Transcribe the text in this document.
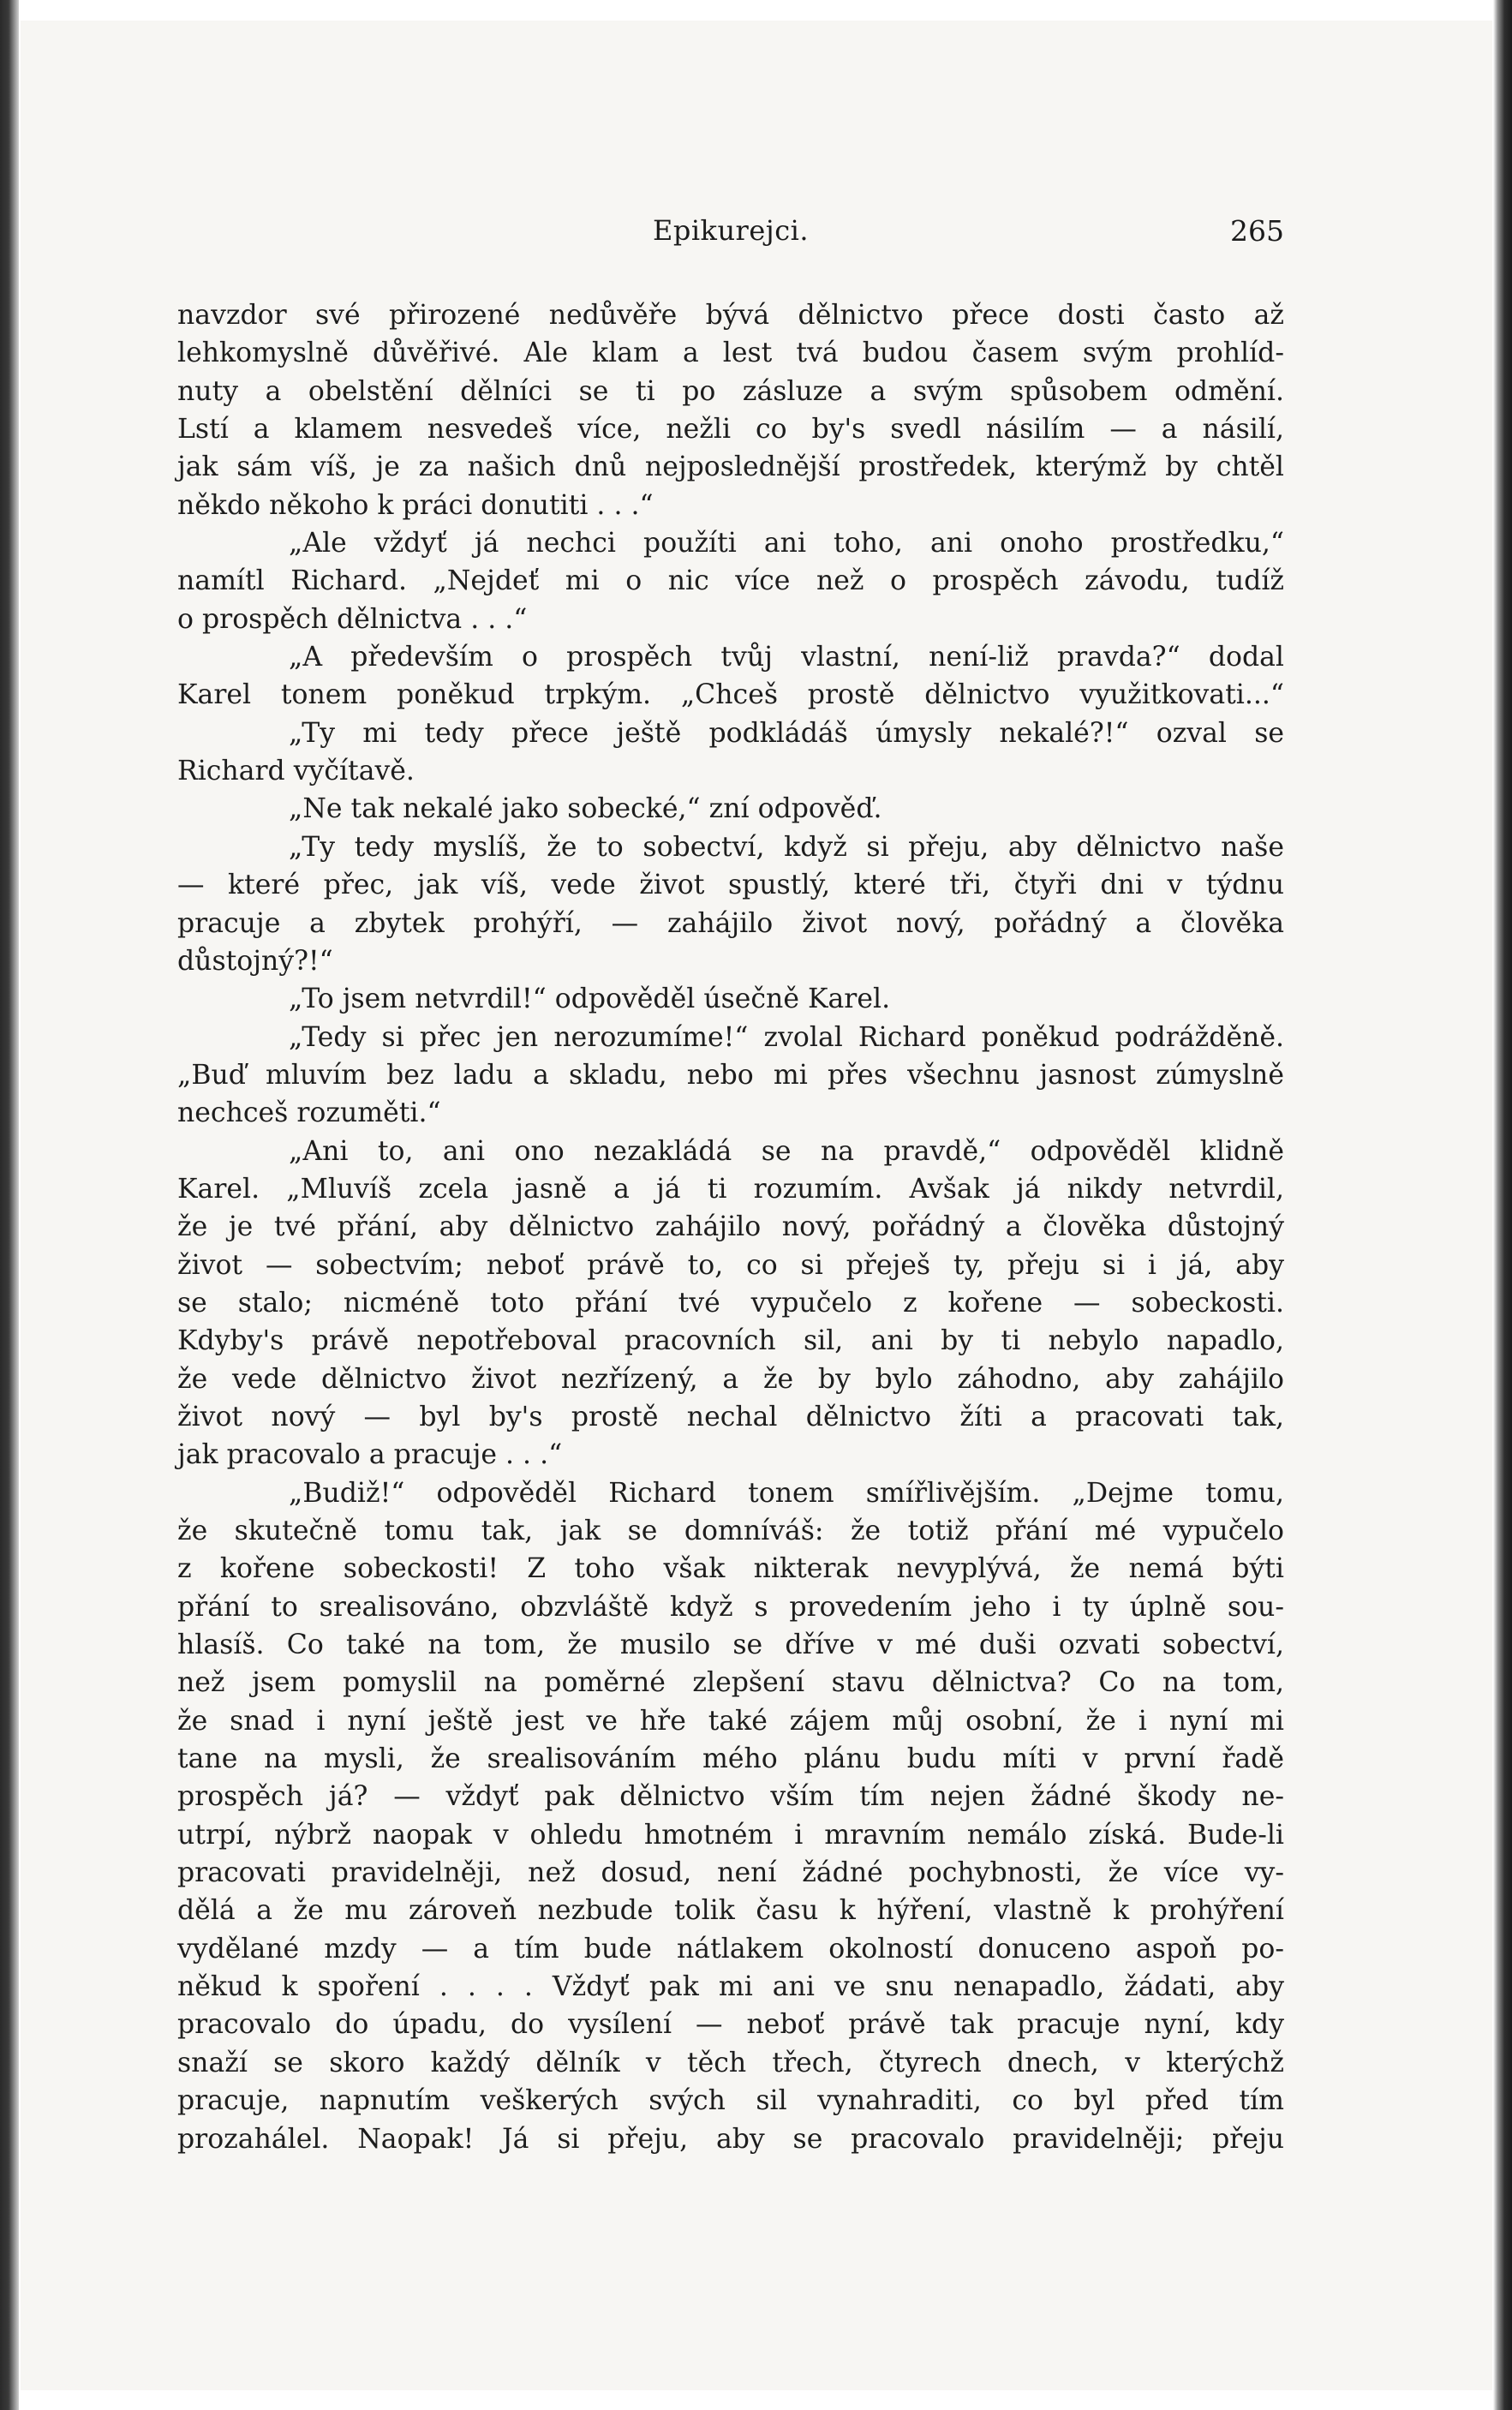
Epikurejci.	265
navzdor své přirozené nedůvěře bývá dělnictvo přece dosti často až
lehkomyslně důvěřivé. Ale klam a lest tvá budou časem svým prohlíd-
nuty a obelstění dělníci se ti po zásluze a svým spůsobem odmění.
Lstí a klamem nesvedeš více, nežli co by's svedl násilím — a násilí,
jak sám víš, je za našich dnů nejposlednější prostředek, kterýmž by chtěl
někdo někoho k práci donutiti . . .“
„Ale vždyť já nechci použíti ani toho, ani onoho prostředku,“
namítl Richard. „Nejdeť mi o nic více než o prospěch závodu, tudíž
o prospěch dělnictva . . .“
„A především o prospěch tvůj vlastní, není-liž pravda?“ dodal
Karel tonem poněkud trpkým. „Chceš prostě dělnictvo využitkovati...“
„Ty mi tedy přece ještě podkládáš úmysly nekalé?!“ ozval se
Richard vyčítavě.
„Ne tak nekalé jako sobecké,“ zní odpověď.
„Ty tedy myslíš, že to sobectví, když si přeju, aby dělnictvo naše
— které přec, jak víš, vede život spustlý, které tři, čtyři dni v týdnu
pracuje a zbytek prohýří, — zahájilo život nový, pořádný a člověka
důstojný?!“
„To jsem netvrdil!“ odpověděl úsečně Karel.
„Tedy si přec jen nerozumíme!“ zvolal Richard poněkud podrážděně.
„Buď mluvím bez ladu a skladu, nebo mi přes všechnu jasnost zúmyslně
nechceš rozuměti.“
„Ani to, ani ono nezakládá se na pravdě,“ odpověděl klidně
Karel. „Mluvíš zcela jasně a já ti rozumím. Avšak já nikdy netvrdil,
že je tvé přání, aby dělnictvo zahájilo nový, pořádný a člověka důstojný
život — sobectvím; neboť právě to, co si přeješ ty, přeju si i já, aby
se stalo; nicméně toto přání tvé vypučelo z kořene — sobeckosti.
Kdyby's právě nepotřeboval pracovních sil, ani by ti nebylo napadlo,
že vede dělnictvo život nezřízený, a že by bylo záhodno, aby zahájilo
život nový — byl by's prostě nechal dělnictvo žíti a pracovati tak,
jak pracovalo a pracuje . . .“
„Budiž!“ odpověděl Richard tonem smířlivějším. „Dejme tomu,
že skutečně tomu tak, jak se domníváš: že totiž přání mé vypučelo
z kořene sobeckosti! Z toho však nikterak nevyplývá, že nemá býti
přání to srealisováno, obzvláště když s provedením jeho i ty úplně sou-
hlasíš. Co také na tom, že musilo se dříve v mé duši ozvati sobectví,
než jsem pomyslil na poměrné zlepšení stavu dělnictva? Co na tom,
že snad i nyní ještě jest ve hře také zájem můj osobní, že i nyní mi
tane na mysli, že srealisováním mého plánu budu míti v první řadě
prospěch já? — vždyť pak dělnictvo vším tím nejen žádné škody ne-
utrpí, nýbrž naopak v ohledu hmotném i mravním nemálo získá. Bude-li
pracovati pravidelněji, než dosud, není žádné pochybnosti, že více vy-
dělá a že mu zároveň nezbude tolik času k hýření, vlastně k prohýření
vydělané mzdy — a tím bude nátlakem okolností donuceno aspoň po-
někud k spoření . . . . Vždyť pak mi ani ve snu nenapadlo, žádati, aby
pracovalo do úpadu, do vysílení — neboť právě tak pracuje nyní, kdy
snaží se skoro každý dělník v těch třech, čtyrech dnech, v kterýchž
pracuje, napnutím veškerých svých sil vynahraditi, co byl před tím
prozahálel. Naopak! Já si přeju, aby se pracovalo pravidelněji; přeju
